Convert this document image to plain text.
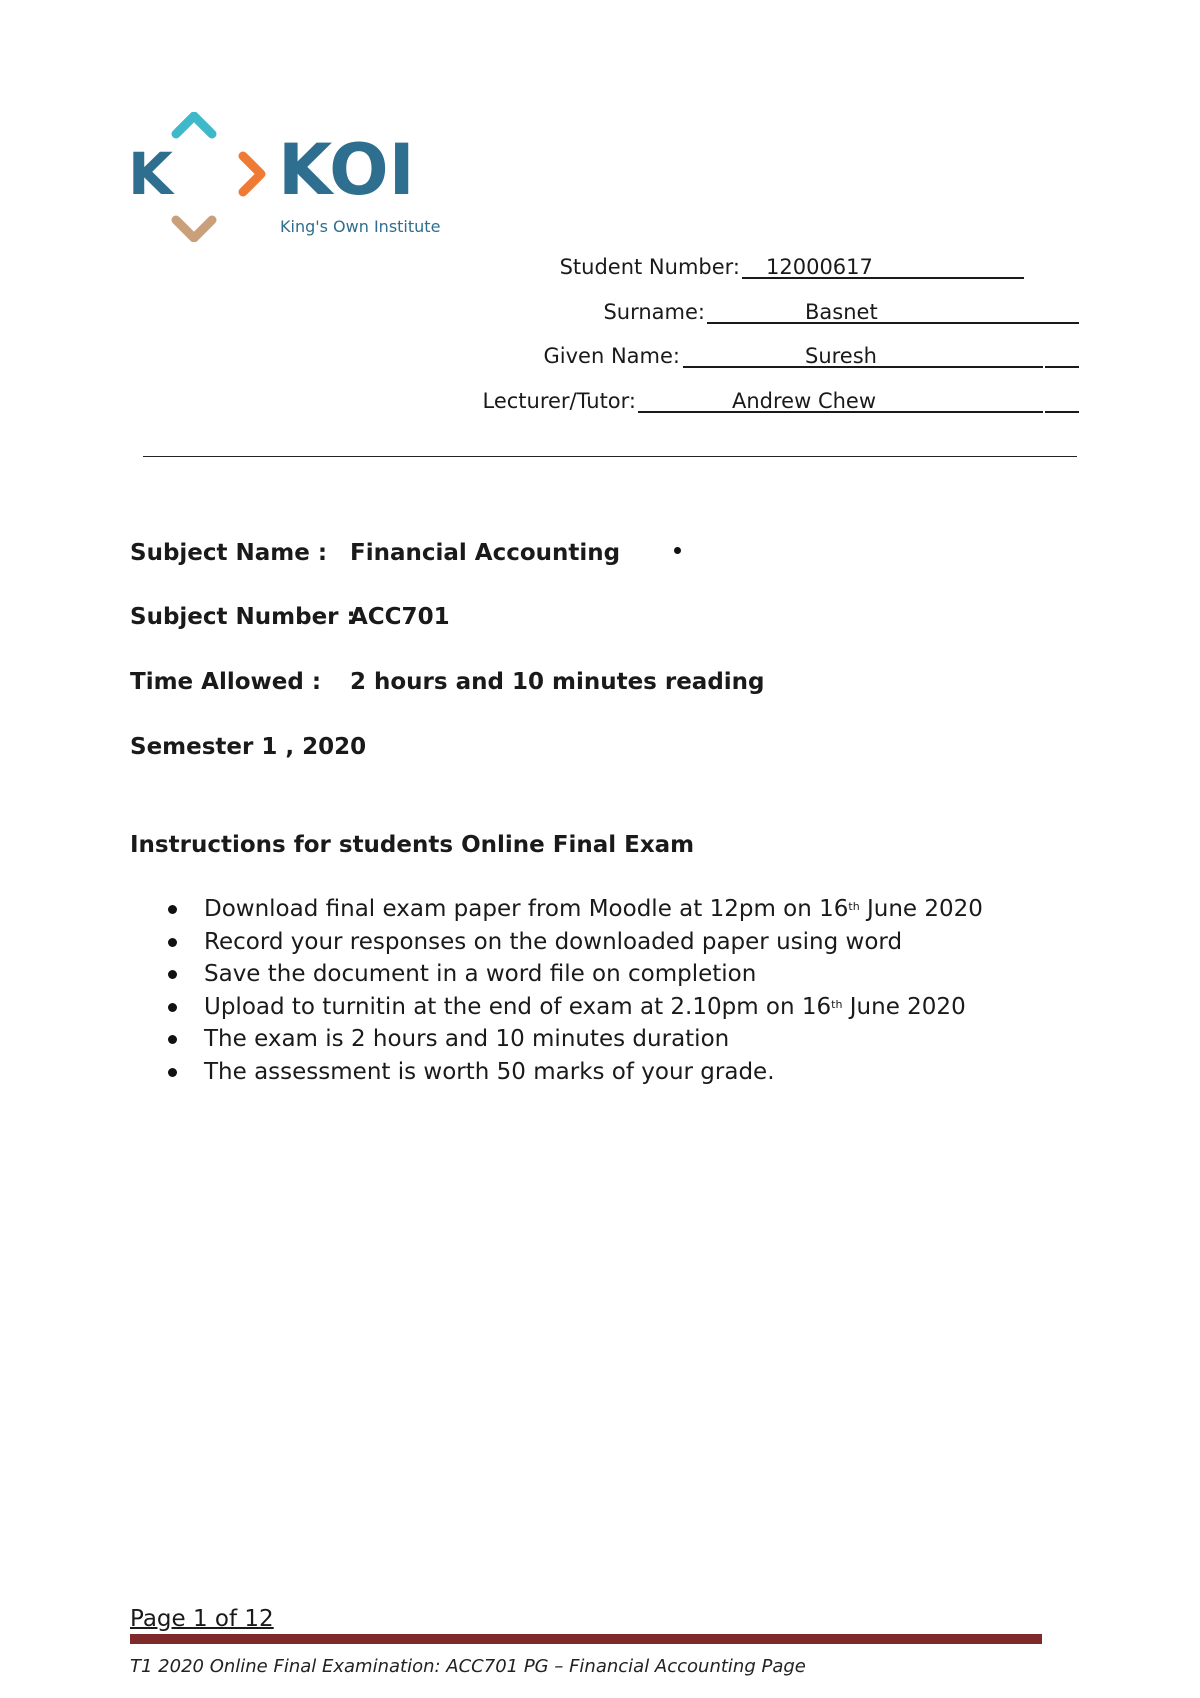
K KOI
King's Own Institute
Student Number: 12000617
Surname:	Basnet
Given Name:	Suresh
Lecturer/Tutor:	Andrew Chew
Subject Name : Financial Accounting
Subject Number :
ACC701
Time Allowed : 2 hours and 10 minutes reading
Semester 1 , 2020
Instructions for students Online Final Exam
Download final exam paper from Moodle at 12pm on 16th June 2020
Record your responses on the downloaded paper using word
Save the document in a word file on completion
Upload to turnitin at the end of exam at 2.10pm on 16th June 2020
The exam is 2 hours and 10 minutes duration
The assessment is worth 50 marks of your grade.
Page 1 of 12
T1 2020 Online Final Examination: ACC701 PG – Financial Accounting Page
